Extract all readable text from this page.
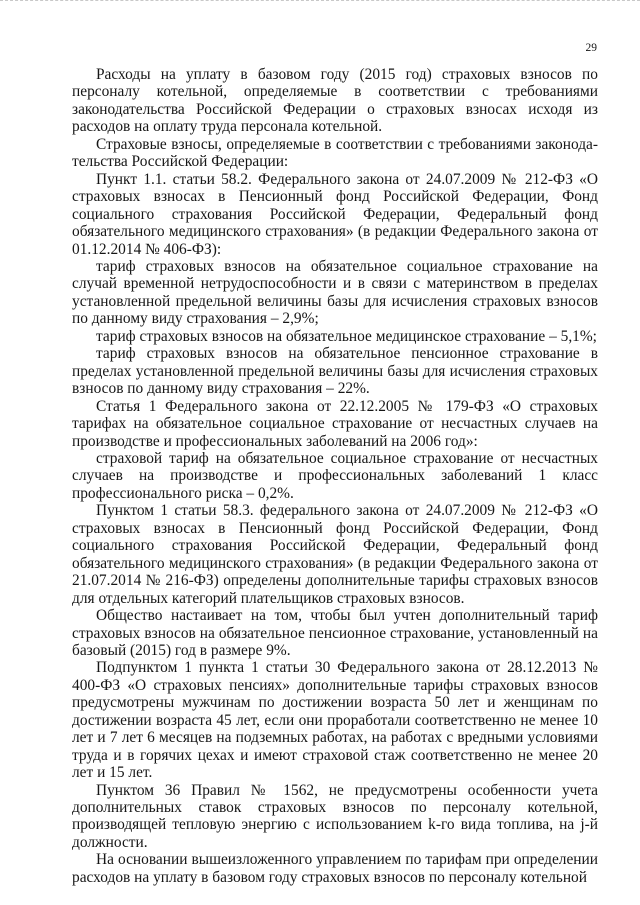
29

Расходы на уплату в базовом году (2015 год) страховых взносов по персоналу котельной, определяемые в соответствии с требованиями законодательства Российской Федерации о страховых взносах исходя из расходов на оплату труда персонала котельной.

Страховые взносы, определяемые в соответствии с требованиями законодательства Российской Федерации:

Пункт 1.1. статьи 58.2. Федерального закона от 24.07.2009 № 212-ФЗ «О страховых взносах в Пенсионный фонд Российской Федерации, Фонд социального страхования Российской Федерации, Федеральный фонд обязательного медицинского страхования» (в редакции Федерального закона от 01.12.2014 № 406-ФЗ):

тариф страховых взносов на обязательное социальное страхование на случай временной нетрудоспособности и в связи с материнством в пределах установленной предельной величины базы для исчисления страховых взносов по данному виду страхования – 2,9%;

тариф страховых взносов на обязательное медицинское страхование – 5,1%;

тариф страховых взносов на обязательное пенсионное страхование в пределах установленной предельной величины базы для исчисления страховых взносов по данному виду страхования – 22%.

Статья 1 Федерального закона от 22.12.2005 № 179-ФЗ «О страховых тарифах на обязательное социальное страхование от несчастных случаев на производстве и профессиональных заболеваний на 2006 год»:

страховой тариф на обязательное социальное страхование от несчастных случаев на производстве и профессиональных заболеваний 1 класс профессионального риска – 0,2%.

Пунктом 1 статьи 58.3. федерального закона от 24.07.2009 № 212-ФЗ «О страховых взносах в Пенсионный фонд Российской Федерации, Фонд социального страхования Российской Федерации, Федеральный фонд обязательного медицинского страхования» (в редакции Федерального закона от 21.07.2014 № 216-ФЗ) определены дополнительные тарифы страховых взносов для отдельных категорий плательщиков страховых взносов.

Общество настаивает на том, чтобы был учтен дополнительный тариф страховых взносов на обязательное пенсионное страхование, установленный на базовый (2015) год в размере 9%.

Подпунктом 1 пункта 1 статьи 30 Федерального закона от 28.12.2013 № 400-ФЗ «О страховых пенсиях» дополнительные тарифы страховых взносов предусмотрены мужчинам по достижении возраста 50 лет и женщинам по достижении возраста 45 лет, если они проработали соответственно не менее 10 лет и 7 лет 6 месяцев на подземных работах, на работах с вредными условиями труда и в горячих цехах и имеют страховой стаж соответственно не менее 20 лет и 15 лет.

Пунктом 36 Правил № 1562, не предусмотрены особенности учета дополнительных ставок страховых взносов по персоналу котельной, производящей тепловую энергию с использованием k-го вида топлива, на j-й должности.

На основании вышеизложенного управлением по тарифам при определении расходов на уплату в базовом году страховых взносов по персоналу котельной
